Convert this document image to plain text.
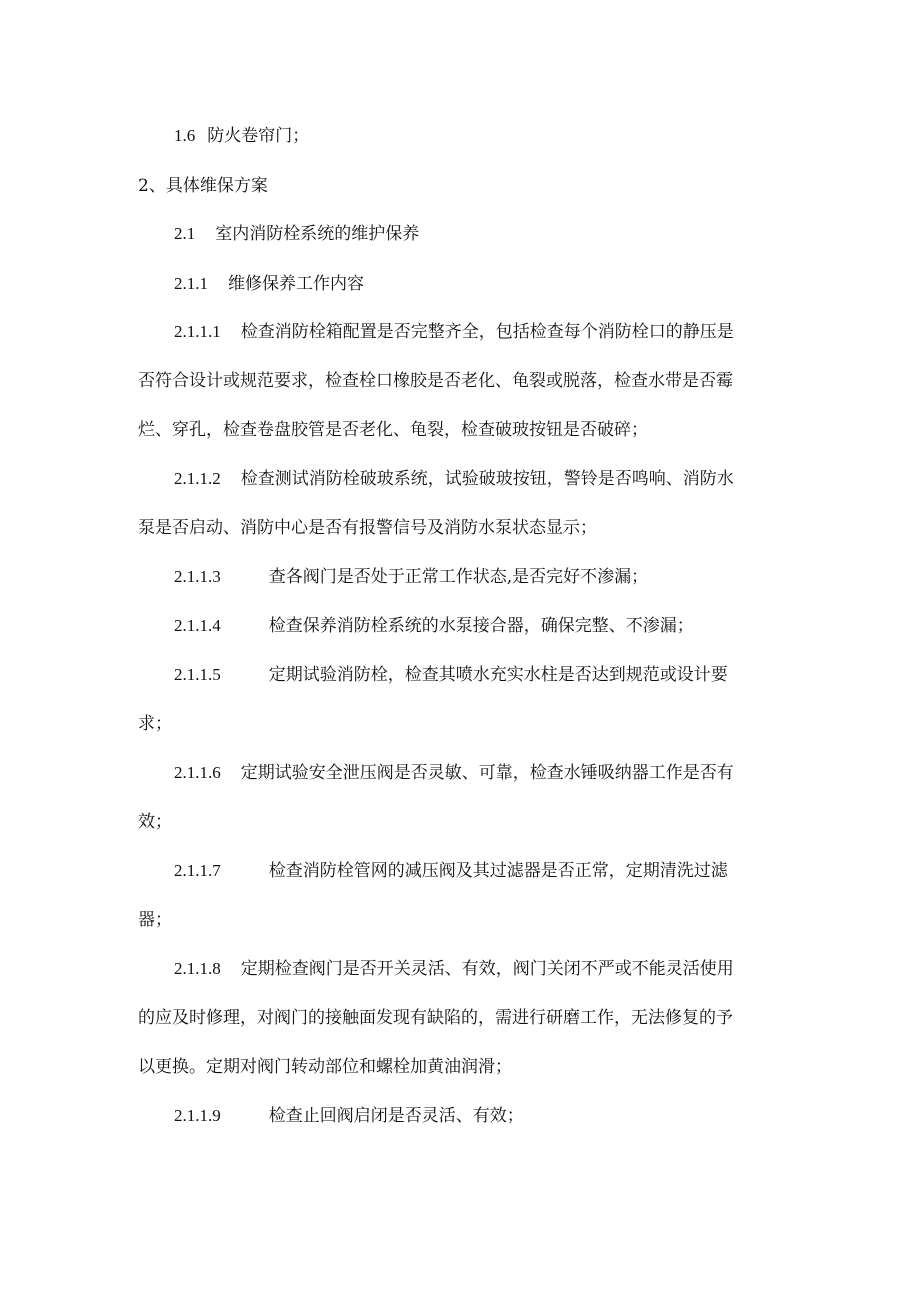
1.6 防火卷帘门；
2、具体维保方案
2.1 室内消防栓系统的维护保养
2.1.1 维修保养工作内容
2.1.1.1 检查消防栓箱配置是否完整齐全，包括检查每个消防栓口的静压是
否符合设计或规范要求，检查栓口橡胶是否老化、龟裂或脱落，检查水带是否霉
烂、穿孔，检查卷盘胶管是否老化、龟裂，检查破玻按钮是否破碎；
2.1.1.2 检查测试消防栓破玻系统，试验破玻按钮，警铃是否鸣响、消防水
泵是否启动、消防中心是否有报警信号及消防水泵状态显示；
2.1.1.3	查各阀门是否处于正常工作状态,是否完好不渗漏；
2.1.1.4	检查保养消防栓系统的水泵接合器，确保完整、不渗漏；
2.1.1.5	定期试验消防栓，检查其喷水充实水柱是否达到规范或设计要
求；
2.1.1.6 定期试验安全泄压阀是否灵敏、可靠，检查水锤吸纳器工作是否有
效；
2.1.1.7	检查消防栓管网的减压阀及其过滤器是否正常，定期清洗过滤
器；
2.1.1.8 定期检查阀门是否开关灵活、有效，阀门关闭不严或不能灵活使用
的应及时修理，对阀门的接触面发现有缺陷的，需进行研磨工作，无法修复的予
以更换。定期对阀门转动部位和螺栓加黄油润滑；
2.1.1.9	检查止回阀启闭是否灵活、有效；
